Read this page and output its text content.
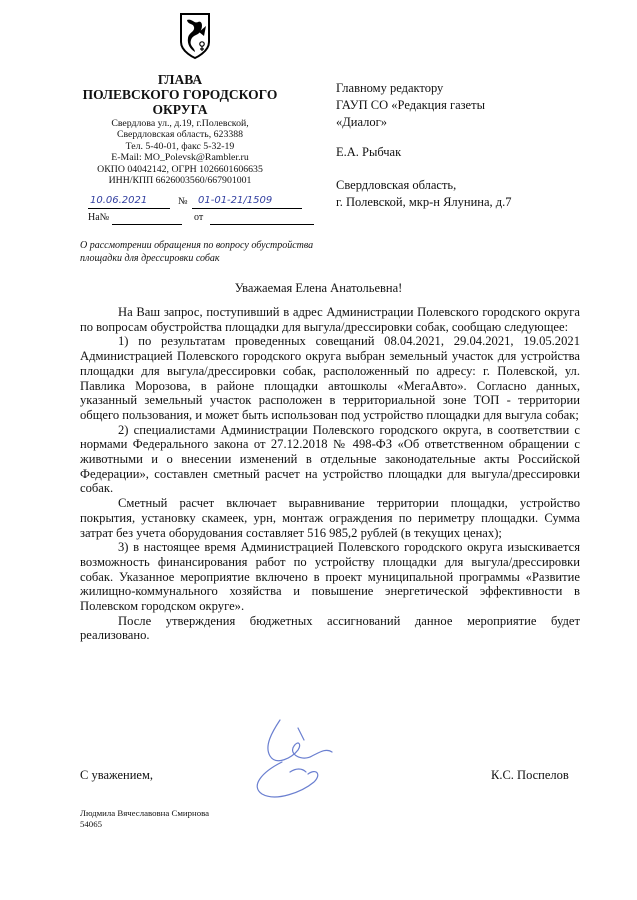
ГЛАВА
ПОЛЕВСКОГО ГОРОДСКОГО
ОКРУГА
Свердлова ул., д.19, г.Полевской,
Свердловская область, 623388
Тел. 5-40-01, факс 5-32-19
E-Mail: MO_Polevsk@Rambler.ru
ОКПО 04042142, ОГРН 1026601606635
ИНН/КПП 6626003560/667901001
10.06.2021	№ 01-01-21/1509
На№	от
Главному редактору
ГАУП СО «Редакция газеты
«Диалог»
Е.А. Рыбчак
Свердловская область,
г. Полевской, мкр-н Ялунина, д.7
О рассмотрении обращения по вопросу обустройства
площадки для дрессировки собак
Уважаемая Елена Анатольевна!

На Ваш запрос, поступивший в адрес Администрации Полевского городского округа по вопросам обустройства площадки для выгула/дрессировки собак, сообщаю следующее:

1) по результатам проведенных совещаний 08.04.2021, 29.04.2021, 19.05.2021 Администрацией Полевского городского округа выбран земельный участок для устройства площадки для выгула/дрессировки собак, расположенный по адресу: г. Полевской, ул. Павлика Морозова, в районе площадки автошколы «МегаАвто». Согласно данных, указанный земельный участок расположен в территориальной зоне ТОП - территории общего пользования, и может быть использован под устройство площадки для выгула собак;

2) специалистами Администрации Полевского городского округа, в соответствии с нормами Федерального закона от 27.12.2018 № 498-ФЗ «Об ответственном обращении с животными и о внесении изменений в отдельные законодательные акты Российской Федерации», составлен сметный расчет на устройство площадки для выгула/дрессировки собак.

Сметный расчет включает выравнивание территории площадки, устройство покрытия, установку скамеек, урн, монтаж ограждения по периметру площадки. Сумма затрат без учета оборудования составляет 516 985,2 рублей (в текущих ценах);

3) в настоящее время Администрацией Полевского городского округа изыскивается возможность финансирования работ по устройству площадки для выгула/дрессировки собак. Указанное мероприятие включено в проект муниципальной программы «Развитие жилищно-коммунального хозяйства и повышение энергетической эффективности в Полевском городском округе».

После утверждения бюджетных ассигнований данное мероприятие будет реализовано.

С уважением,	К.С. Поспелов
Людмила Вячеславовна Смирнова
54065
